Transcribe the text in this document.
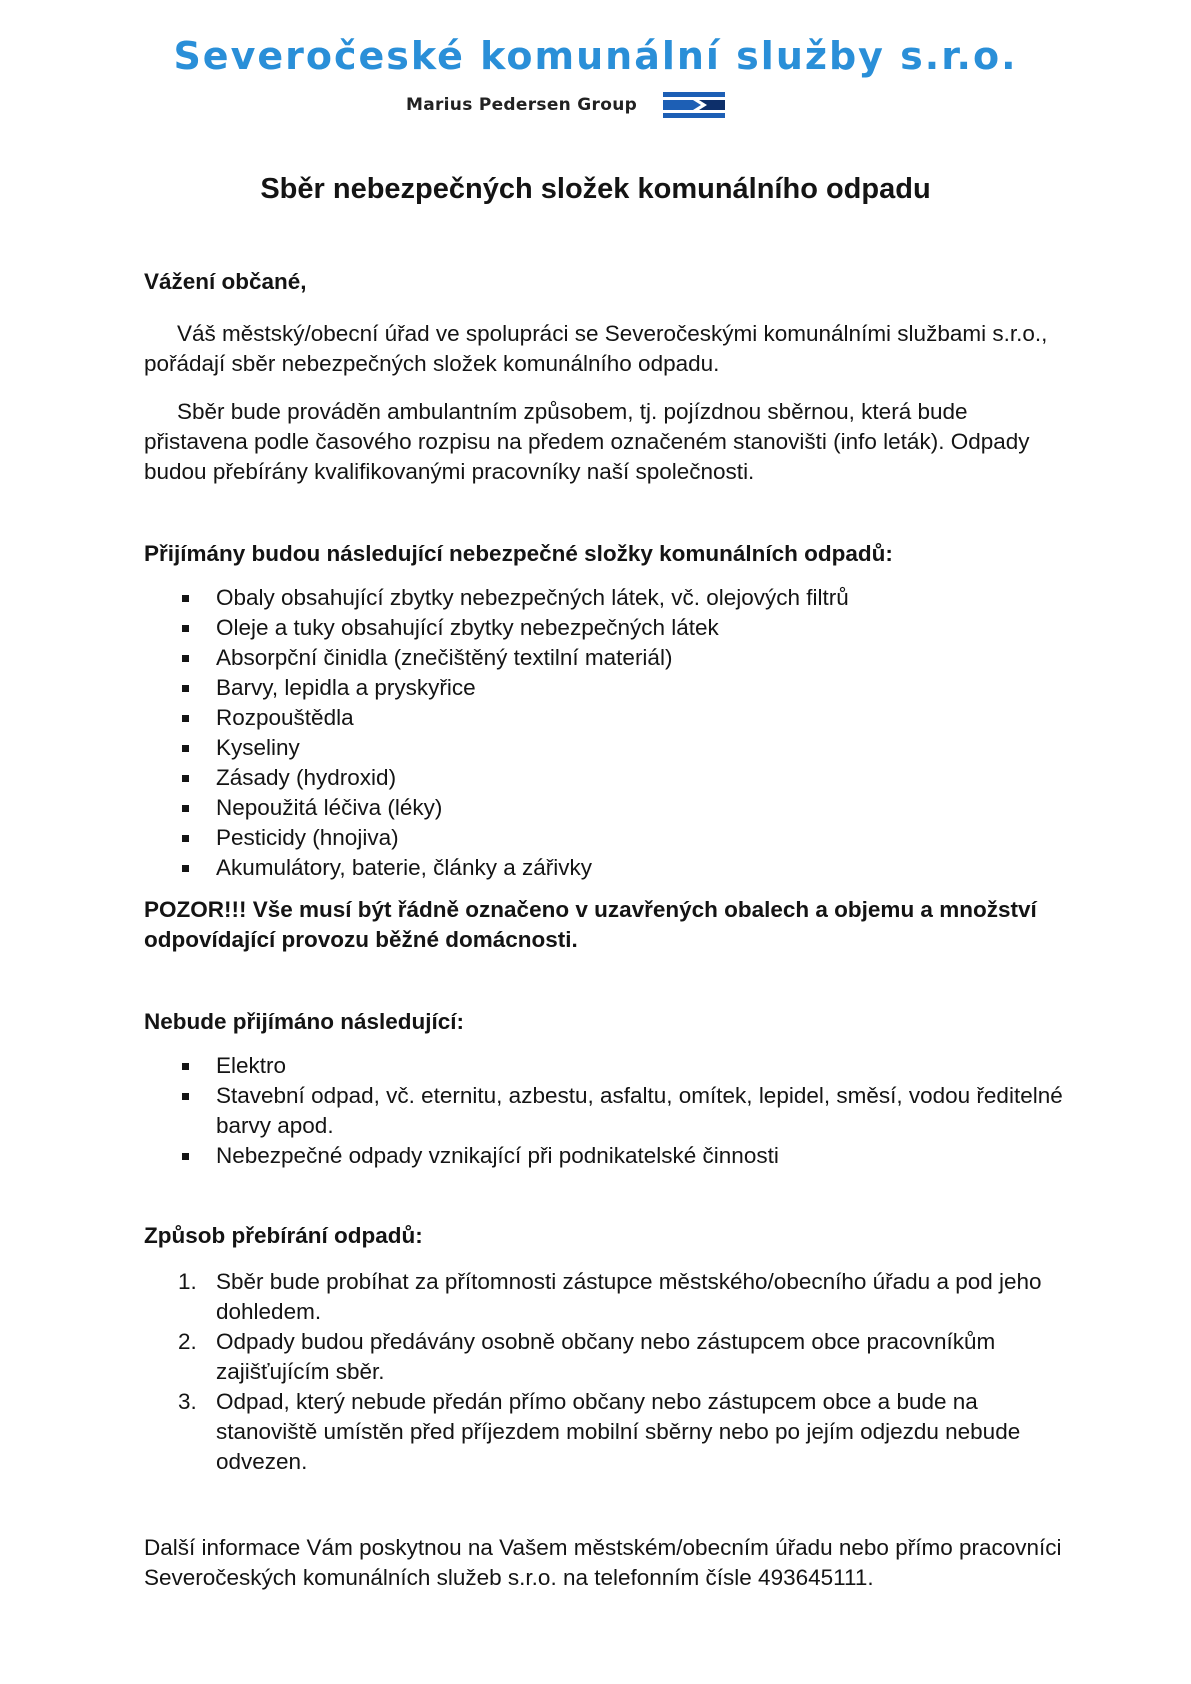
Severočeské komunální služby s.r.o.
Marius Pedersen Group
Sběr nebezpečných složek komunálního odpadu

Vážení občané,

Váš městský/obecní úřad ve spolupráci se Severočeskými komunálními službami s.r.o., pořádají sběr nebezpečných složek komunálního odpadu.

Sběr bude prováděn ambulantním způsobem, tj. pojízdnou sběrnou, která bude přistavena podle časového rozpisu na předem označeném stanovišti (info leták). Odpady budou přebírány kvalifikovanými pracovníky naší společnosti.

Přijímány budou následující nebezpečné složky komunálních odpadů:

Obaly obsahující zbytky nebezpečných látek, vč. olejových filtrů
Oleje a tuky obsahující zbytky nebezpečných látek
Absorpční činidla (znečištěný textilní materiál)
Barvy, lepidla a pryskyřice
Rozpouštědla
Kyseliny
Zásady (hydroxid)
Nepoužitá léčiva (léky)
Pesticidy (hnojiva)
Akumulátory, baterie, články a zářivky

POZOR!!! Vše musí být řádně označeno v uzavřených obalech a objemu a množství odpovídající provozu běžné domácnosti.

Nebude přijímáno následující:

Elektro
Stavební odpad, vč. eternitu, azbestu, asfaltu, omítek, lepidel, směsí, vodou ředitelné barvy apod.
Nebezpečné odpady vznikající při podnikatelské činnosti

Způsob přebírání odpadů:

1. Sběr bude probíhat za přítomnosti zástupce městského/obecního úřadu a pod jeho dohledem.
2. Odpady budou předávány osobně občany nebo zástupcem obce pracovníkům zajišťujícím sběr.
3. Odpad, který nebude předán přímo občany nebo zástupcem obce a bude na stanoviště umístěn před příjezdem mobilní sběrny nebo po jejím odjezdu nebude odvezen.

Další informace Vám poskytnou na Vašem městském/obecním úřadu nebo přímo pracovníci Severočeských komunálních služeb s.r.o. na telefonním čísle 493645111.
